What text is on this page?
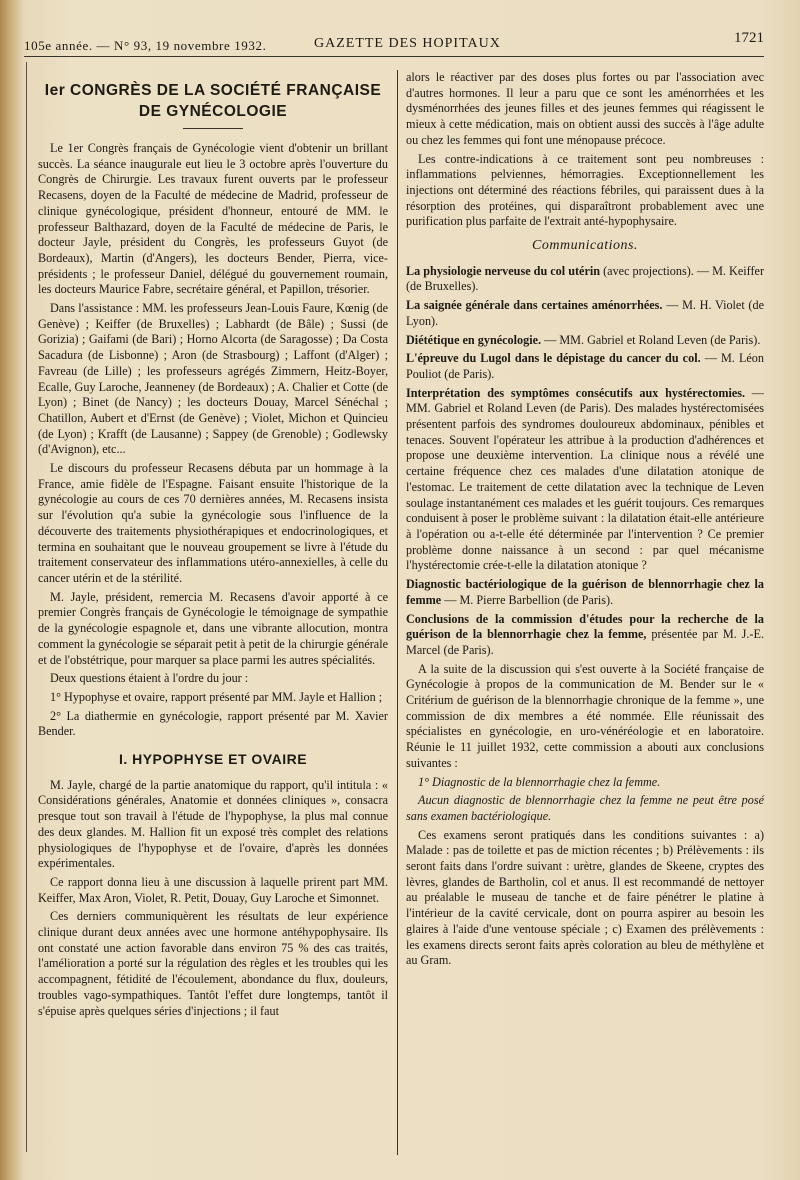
105e année. — N° 93, 19 novembre 1932.	GAZETTE DES HOPITAUX	1721
Ier CONGRÈS DE LA SOCIÉTÉ FRANÇAISE
DE GYNÉCOLOGIE

Le 1er Congrès français de Gynécologie vient d'obtenir un brillant succès. La séance inaugurale eut lieu le 3 octobre après l'ouverture du Congrès de Chirurgie. Les travaux furent ouverts par le professeur Recasens, doyen de la Faculté de médecine de Madrid, professeur de clinique gynécologique, président d'honneur, entouré de MM. le professeur Balthazard, doyen de la Faculté de médecine de Paris, le docteur Jayle, président du Congrès, les professeurs Guyot (de Bordeaux), Martin (d'Angers), les docteurs Bender, Pierra, vice-présidents ; le professeur Daniel, délégué du gouvernement roumain, les docteurs Maurice Fabre, secrétaire général, et Papillon, trésorier.

Dans l'assistance : MM. les professeurs Jean-Louis Faure, Kœnig (de Genève) ; Keiffer (de Bruxelles) ; Labhardt (de Bâle) ; Sussi (de Gorizia) ; Gaifami (de Bari) ; Horno Alcorta (de Saragosse) ; Da Costa Sacadura (de Lisbonne) ; Aron (de Strasbourg) ; Laffont (d'Alger) ; Favreau (de Lille) ; les professeurs agrégés Zimmern, Heitz-Boyer, Ecalle, Guy Laroche, Jeanneney (de Bordeaux) ; A. Chalier et Cotte (de Lyon) ; Binet (de Nancy) ; les docteurs Douay, Marcel Sénéchal ; Chatillon, Aubert et d'Ernst (de Genève) ; Violet, Michon et Quincieu (de Lyon) ; Krafft (de Lausanne) ; Sappey (de Grenoble) ; Godlewsky (d'Avignon), etc...

Le discours du professeur Recasens débuta par un hommage à la France, amie fidèle de l'Espagne. Faisant ensuite l'historique de la gynécologie au cours de ces 70 dernières années, M. Recasens insista sur l'évolution qu'a subie la gynécologie sous l'influence de la découverte des traitements physiothérapiques et endocrinologiques, et termina en souhaitant que le nouveau groupement se livre à l'étude du traitement conservateur des inflammations utéro-annexielles, à celle du cancer utérin et de la stérilité.

M. Jayle, président, remercia M. Recasens d'avoir apporté à ce premier Congrès français de Gynécologie le témoignage de sympathie de la gynécologie espagnole et, dans une vibrante allocution, montra comment la gynécologie se séparait petit à petit de la chirurgie générale et de l'obstétrique, pour marquer sa place parmi les autres spécialités.

Deux questions étaient à l'ordre du jour :

1° Hypophyse et ovaire, rapport présenté par MM. Jayle et Hallion ;

2° La diathermie en gynécologie, rapport présenté par M. Xavier Bender.

I. HYPOPHYSE ET OVAIRE

M. Jayle, chargé de la partie anatomique du rapport, qu'il intitula : « Considérations générales, Anatomie et données cliniques », consacra presque tout son travail à l'étude de l'hypophyse, la plus mal connue des deux glandes. M. Hallion fit un exposé très complet des relations physiologiques de l'hypophyse et de l'ovaire, d'après les données expérimentales.

Ce rapport donna lieu à une discussion à laquelle prirent part MM. Keiffer, Max Aron, Violet, R. Petit, Douay, Guy Laroche et Simonnet.

Ces derniers communiquèrent les résultats de leur expérience clinique durant deux années avec une hormone antéhypophysaire. Ils ont constaté une action favorable dans environ 75 % des cas traités, l'amélioration a porté sur la régulation des règles et les troubles qui les accompagnent, fétidité de l'écoulement, abondance du flux, douleurs, troubles vago-sympathiques. Tantôt l'effet dure longtemps, tantôt il s'épuise après quelques séries d'injections ; il faut

alors le réactiver par des doses plus fortes ou par l'association avec d'autres hormones. Il leur a paru que ce sont les aménorrhées et les dysménorrhées des jeunes filles et des jeunes femmes qui réagissent le mieux à cette médication, mais on obtient aussi des succès à l'âge adulte ou chez les femmes qui font une ménopause précoce.

Les contre-indications à ce traitement sont peu nombreuses : inflammations pelviennes, hémorragies. Exceptionnellement les injections ont déterminé des réactions fébriles, qui paraissent dues à la résorption des protéines, qui disparaîtront probablement avec une purification plus parfaite de l'extrait anté-hypophysaire.

Communications.

La physiologie nerveuse du col utérin (avec projections). — M. Keiffer (de Bruxelles).

La saignée générale dans certaines aménorrhées. — M. H. Violet (de Lyon).

Diététique en gynécologie. — MM. Gabriel et Roland Leven (de Paris).

L'épreuve du Lugol dans le dépistage du cancer du col. — M. Léon Pouliot (de Paris).

Interprétation des symptômes consécutifs aux hystérectomies. — MM. Gabriel et Roland Leven (de Paris). Des malades hystérectomisées présentent parfois des syndromes douloureux abdominaux, pénibles et tenaces. Souvent l'opérateur les attribue à la production d'adhérences et propose une deuxième intervention. La clinique nous a révélé une certaine fréquence chez ces malades d'une dilatation atonique de l'estomac. Le traitement de cette dilatation avec la technique de Leven soulage instantanément ces malades et les guérit toujours. Ces remarques conduisent à poser le problème suivant : la dilatation était-elle antérieure à l'opération ou a-t-elle été déterminée par l'intervention ? Ce premier problème donne naissance à un second : par quel mécanisme l'hystérectomie crée-t-elle la dilatation atonique ?

Diagnostic bactériologique de la guérison de blennorrhagie chez la femme — M. Pierre Barbellion (de Paris).

Conclusions de la commission d'études pour la recherche de la guérison de la blennorrhagie chez la femme, présentée par M. J.-E. Marcel (de Paris).

A la suite de la discussion qui s'est ouverte à la Société française de Gynécologie à propos de la communication de M. Bender sur le « Critérium de guérison de la blennorrhagie chronique de la femme », une commission de dix membres a été nommée. Elle réunissait des spécialistes en gynécologie, en uro-vénéréologie et en laboratoire. Réunie le 11 juillet 1932, cette commission a abouti aux conclusions suivantes :

1° Diagnostic de la blennorrhagie chez la femme.

Aucun diagnostic de blennorrhagie chez la femme ne peut être posé sans examen bactériologique.

Ces examens seront pratiqués dans les conditions suivantes : a) Malade : pas de toilette et pas de miction récentes ; b) Prélèvements : ils seront faits dans l'ordre suivant : urètre, glandes de Skeene, cryptes des lèvres, glandes de Bartholin, col et anus. Il est recommandé de nettoyer au préalable le museau de tanche et de faire pénétrer le platine à l'intérieur de la cavité cervicale, dont on pourra aspirer au besoin les glaires à l'aide d'une ventouse spéciale ; c) Examen des prélèvements : les examens directs seront faits après coloration au bleu de méthylène et au Gram.
